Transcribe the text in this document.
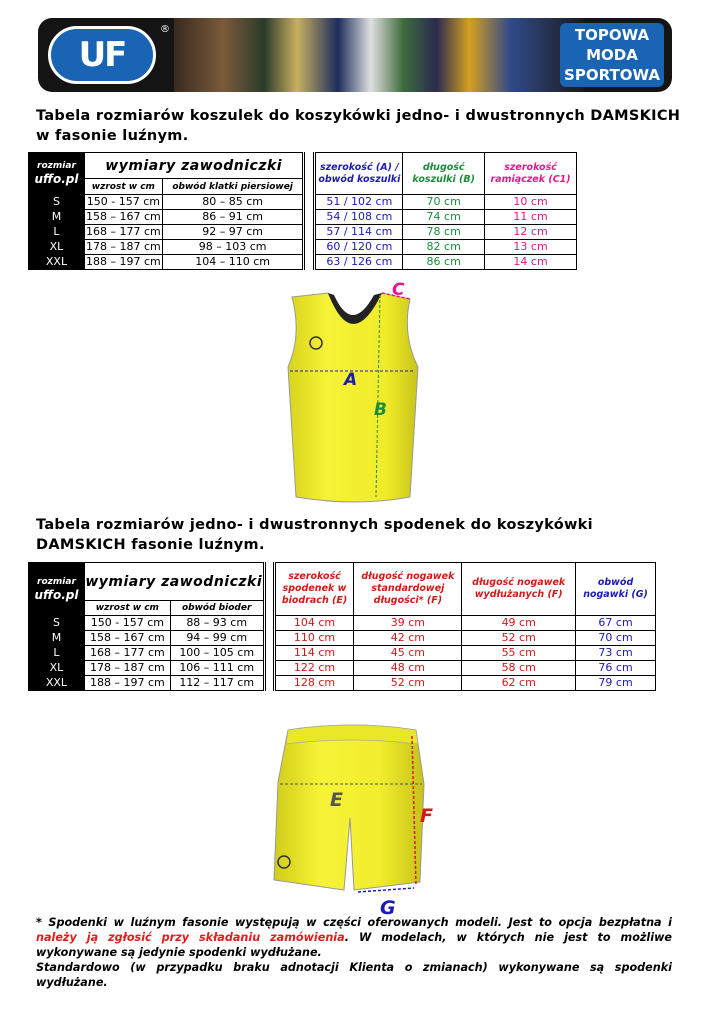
UF
®	TOPOWA
MODA
SPORTOWA
Tabela rozmiarów koszulek do koszykówki jedno- i dwustronnych DAMSKICH w fasonie luźnym.
rozmiar
uffo.pl	wymiary zawodniczki			szerokość (A) / obwód koszulki	długość koszulki (B)	szerokość ramiączek (C1)
	wzrost w cm	obwód klatki piersiowej				
S	150 - 157 cm	80 – 85 cm		51 / 102 cm	70 cm	10 cm
M	158 – 167 cm	86 – 91 cm		54 / 108 cm	74 cm	11 cm
L	168 – 177 cm	92 – 97 cm		57 / 114 cm	78 cm	12 cm
XL	178 – 187 cm	98 – 103 cm		60 / 120 cm	82 cm	13 cm
XXL	188 – 197 cm	104 – 110 cm		63 / 126 cm	86 cm	14 cm
A
B
C
Tabela rozmiarów jedno- i dwustronnych spodenek do koszykówki DAMSKICH fasonie luźnym.
rozmiar
uffo.pl	wymiary zawodniczki			szerokość spodenek w biodrach (E)	długość nogawek standardowej długości* (F)	długość nogawek wydłużanych (F)	obwód nogawki (G)
	wzrost w cm	obwód bioder					
S	150 - 157 cm	88 – 93 cm		104 cm	39 cm	49 cm	67 cm
M	158 – 167 cm	94 – 99 cm		110 cm	42 cm	52 cm	70 cm
L	168 – 177 cm	100 – 105 cm		114 cm	45 cm	55 cm	73 cm
XL	178 – 187 cm	106 – 111 cm		122 cm	48 cm	58 cm	76 cm
XXL	188 – 197 cm	112 – 117 cm		128 cm	52 cm	62 cm	79 cm
E
F
G
* Spodenki w luźnym fasonie występują w części oferowanych modeli. Jest to opcja bezpłatna i należy ją zgłosić przy składaniu zamówienia. W modelach, w których nie jest to możliwe wykonywane są jedynie spodenki wydłużane.
Standardowo (w przypadku braku adnotacji Klienta o zmianach) wykonywane są spodenki wydłużane.
